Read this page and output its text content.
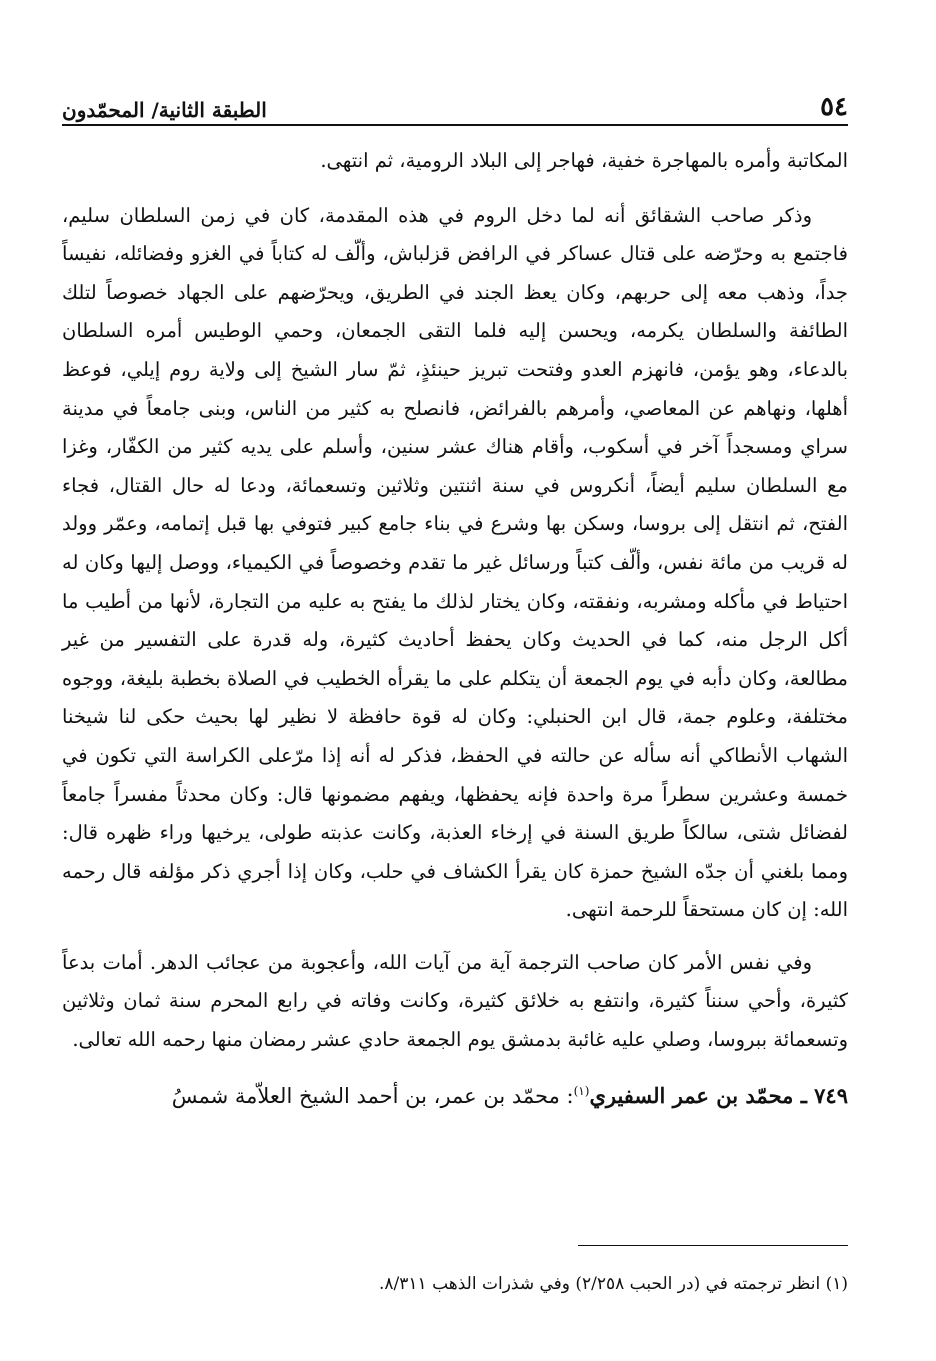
٥٤
الطبقة الثانية/ المحمّدون

المكاتبة وأمره بالمهاجرة خفية، فهاجر إلى البلاد الرومية، ثم انتهى.

وذكر صاحب الشقائق أنه لما دخل الروم في هذه المقدمة، كان في زمن السلطان سليم، فاجتمع به وحرّضه على قتال عساكر في الرافض قزلباش، وألّف له كتاباً في الغزو وفضائله، نفيساً جداً، وذهب معه إلى حربهم، وكان يعظ الجند في الطريق، ويحرّضهم على الجهاد خصوصاً لتلك الطائفة والسلطان يكرمه، ويحسن إليه فلما التقى الجمعان، وحمي الوطيس أمره السلطان بالدعاء، وهو يؤمن، فانهزم العدو وفتحت تبريز حينئذٍ، ثمّ سار الشيخ إلى ولاية روم إيلي، فوعظ أهلها، ونهاهم عن المعاصي، وأمرهم بالفرائض، فانصلح به كثير من الناس، وبنى جامعاً في مدينة سراي ومسجداً آخر في أسكوب، وأقام هناك عشر سنين، وأسلم على يديه كثير من الكفّار، وغزا مع السلطان سليم أيضاً، أنكروس في سنة اثنتين وثلاثين وتسعمائة، ودعا له حال القتال، فجاء الفتح، ثم انتقل إلى بروسا، وسكن بها وشرع في بناء جامع كبير فتوفي بها قبل إتمامه، وعمّر وولد له قريب من مائة نفس، وألّف كتباً ورسائل غير ما تقدم وخصوصاً في الكيمياء، ووصل إليها وكان له احتياط في مأكله ومشربه، ونفقته، وكان يختار لذلك ما يفتح به عليه من التجارة، لأنها من أطيب ما أكل الرجل منه، كما في الحديث وكان يحفظ أحاديث كثيرة، وله قدرة على التفسير من غير مطالعة، وكان دأبه في يوم الجمعة أن يتكلم على ما يقرأه الخطيب في الصلاة بخطبة بليغة، ووجوه مختلفة، وعلوم جمة، قال ابن الحنبلي: وكان له قوة حافظة لا نظير لها بحيث حكى لنا شيخنا الشهاب الأنطاكي أنه سأله عن حالته في الحفظ، فذكر له أنه إذا مرّعلى الكراسة التي تكون في خمسة وعشرين سطراً مرة واحدة فإنه يحفظها، ويفهم مضمونها قال: وكان محدثاً مفسراً جامعاً لفضائل شتى، سالكاً طريق السنة في إرخاء العذبة، وكانت عذبته طولى، يرخيها وراء ظهره قال: ومما بلغني أن جدّه الشيخ حمزة كان يقرأ الكشاف في حلب، وكان إذا أجري ذكر مؤلفه قال رحمه الله: إن كان مستحقاً للرحمة انتهى.

وفي نفس الأمر كان صاحب الترجمة آية من آيات الله، وأعجوبة من عجائب الدهر. أمات بدعاً كثيرة، وأحي سنناً كثيرة، وانتفع به خلائق كثيرة، وكانت وفاته في رابع المحرم سنة ثمان وثلاثين وتسعمائة ببروسا، وصلي عليه غائبة بدمشق يوم الجمعة حادي عشر رمضان منها رحمه الله تعالى.

٧٤٩ ـ محمّد بن عمر السفيري$^{(١)}$: محمّد بن عمر، بن أحمد الشيخ العلاّمة شمسُ

(١) انظر ترجمته في (در الحبب ٢/٢٥٨) وفي شذرات الذهب ٨/٣١١.
